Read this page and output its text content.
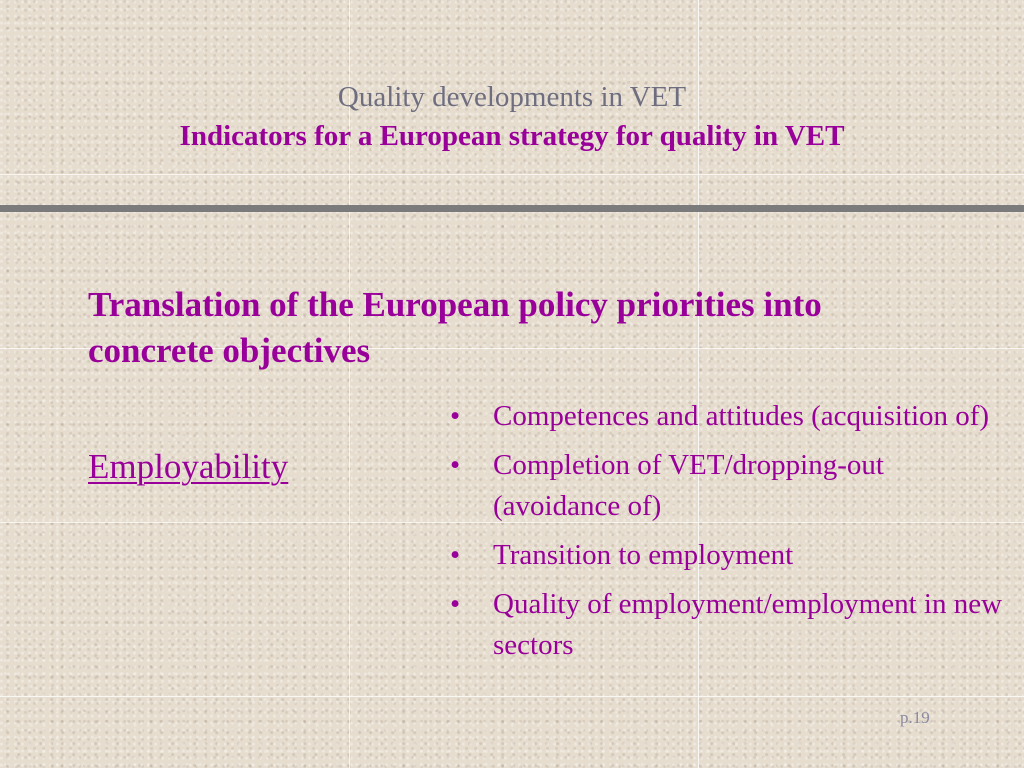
Quality developments in VET
Indicators for a European strategy for quality in VET
Translation of the European policy priorities into concrete objectives
Employability
• Competences and attitudes (acquisition of)
• Completion of VET/dropping-out (avoidance of)
• Transition to employment
• Quality of employment/employment in new sectors
p.19
